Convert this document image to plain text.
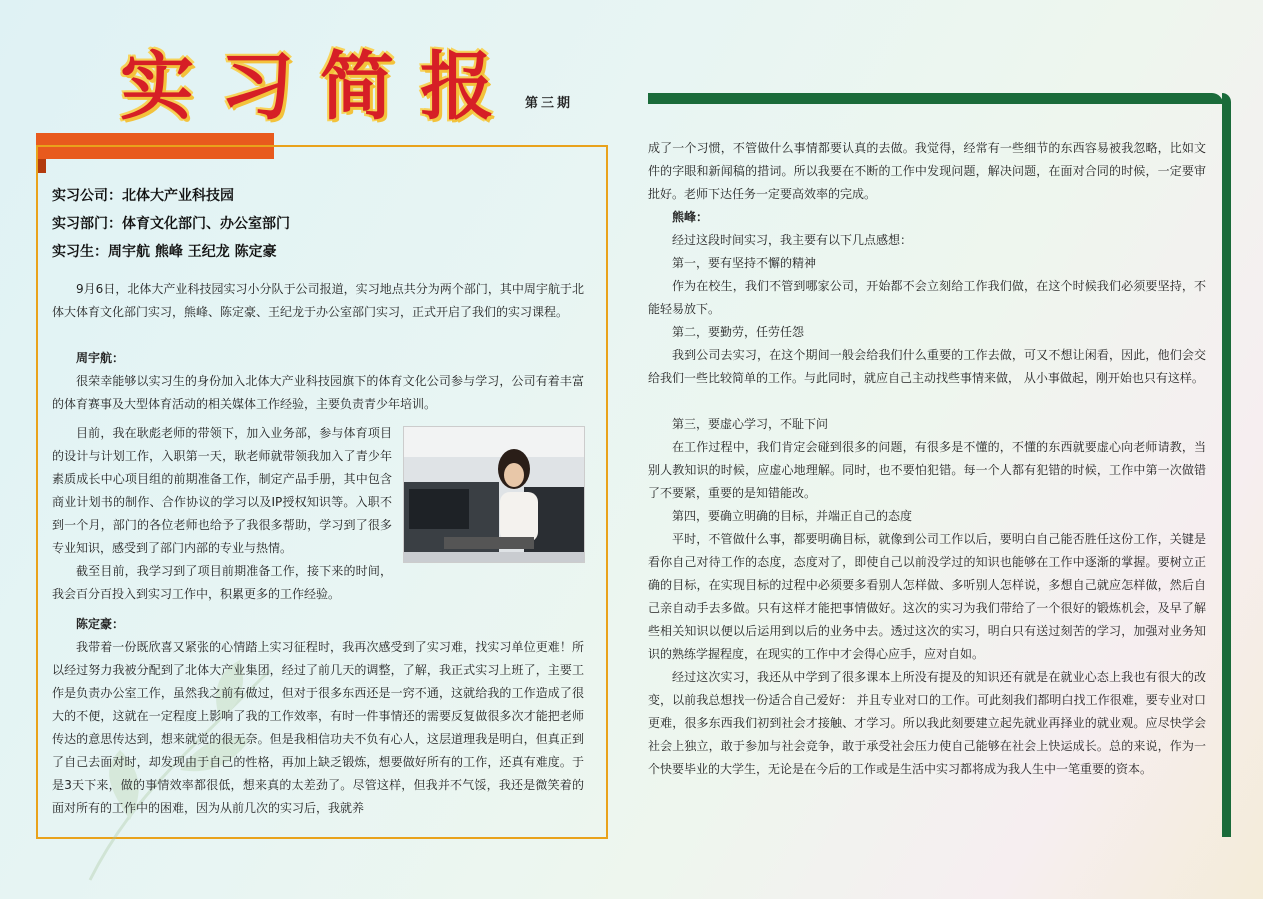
实习简报 第三期
实习公司：北体大产业科技园
实习部门：体育文化部门、办公室部门
实习生：周宇航 熊峰 王纪龙 陈定豪
9月6日，北体大产业科技园实习小分队于公司报道，实习地点共分为两个部门，其中周宇航于北体大体育文化部门实习，熊峰、陈定豪、王纪龙于办公室部门实习，正式开启了我们的实习课程。
周宇航：
很荣幸能够以实习生的身份加入北体大产业科技园旗下的体育文化公司参与学习，公司有着丰富的体育赛事及大型体育活动的相关媒体工作经验，主要负责青少年培训。
目前，我在耿彪老师的带领下，加入业务部，参与体育项目的设计与计划工作，入职第一天，耿老师就带领我加入了青少年素质成长中心项目组的前期准备工作，制定产品手册，其中包含商业计划书的制作、合作协议的学习以及IP授权知识等。入职不到一个月，部门的各位老师也给予了我很多帮助，学习到了很多专业知识，感受到了部门内部的专业与热情。
截至目前，我学习到了项目前期准备工作，接下来的时间，我会百分百投入到实习工作中，积累更多的工作经验。
陈定豪：
我带着一份既欣喜又紧张的心情踏上实习征程时，我再次感受到了实习难，找实习单位更难！所以经过努力我被分配到了北体大产业集团，经过了前几天的调整，了解，我正式实习上班了，主要工作是负责办公室工作，虽然我之前有做过，但对于很多东西还是一窍不通，这就给我的工作造成了很大的不便，这就在一定程度上影响了我的工作效率，有时一件事情还的需要反复做很多次才能把老师传达的意思传达到，想来就觉的很无奈。但是我相信功夫不负有心人，这层道理我是明白，但真正到了自己去面对时，却发现由于自己的性格，再加上缺乏锻炼，想要做好所有的工作，还真有难度。于是3天下来，做的事情效率都很低，想来真的太差劲了。尽管这样，但我并不气馁，我还是微笑着的面对所有的工作中的困难，因为从前几次的实习后，我就养
成了一个习惯，不管做什么事情都要认真的去做。我觉得，经常有一些细节的东西容易被我忽略，比如文件的字眼和新闻稿的措词。所以我要在不断的工作中发现问题，解决问题，在面对合同的时候，一定要审批好。老师下达任务一定要高效率的完成。
熊峰：
经过这段时间实习，我主要有以下几点感想：
第一，要有坚持不懈的精神
作为在校生，我们不管到哪家公司，开始都不会立刻给工作我们做，在这个时候我们必须要坚持，不能轻易放下。
第二，要勤劳，任劳任怨
我到公司去实习，在这个期间一般会给我们什么重要的工作去做，可又不想让闲看，因此，他们会交给我们一些比较简单的工作。与此同时，就应自己主动找些事情来做， 从小事做起，刚开始也只有这样。
第三，要虚心学习，不耻下问
在工作过程中，我们肯定会碰到很多的问题，有很多是不懂的，不懂的东西就要虚心向老师请教，当别人教知识的时候，应虚心地理解。同时，也不要怕犯错。每一个人都有犯错的时候，工作中第一次做错了不要紧，重要的是知错能改。
第四，要确立明确的目标，并端正自己的态度
平时，不管做什么事，都要明确目标，就像到公司工作以后，要明白自己能否胜任这份工作，关键是看你自己对待工作的态度，态度对了，即使自己以前没学过的知识也能够在工作中逐渐的掌握。要树立正确的目标，在实现目标的过程中必须要多看别人怎样做、多听别人怎样说，多想自己就应怎样做，然后自己亲自动手去多做。只有这样才能把事情做好。这次的实习为我们带给了一个很好的锻炼机会，及早了解些相关知识以便以后运用到以后的业务中去。透过这次的实习，明白只有送过刻苦的学习，加强对业务知识的熟练学握程度，在现实的工作中才会得心应手，应对自如。
经过这次实习，我还从中学到了很多课本上所没有提及的知识还有就是在就业心态上我也有很大的改变，以前我总想找一份适合自己爱好： 并且专业对口的工作。可此刻我们都明白找工作很难，要专业对口更难，很多东西我们初到社会才接触、才学习。所以我此刻要建立起先就业再择业的就业观。应尽快学会社会上独立，敢于参加与社会竞争，敢于承受社会压力使自己能够在社会上快运成长。总的来说，作为一个快要毕业的大学生，无论是在今后的工作或是生活中实习都将成为我人生中一笔重要的资本。
